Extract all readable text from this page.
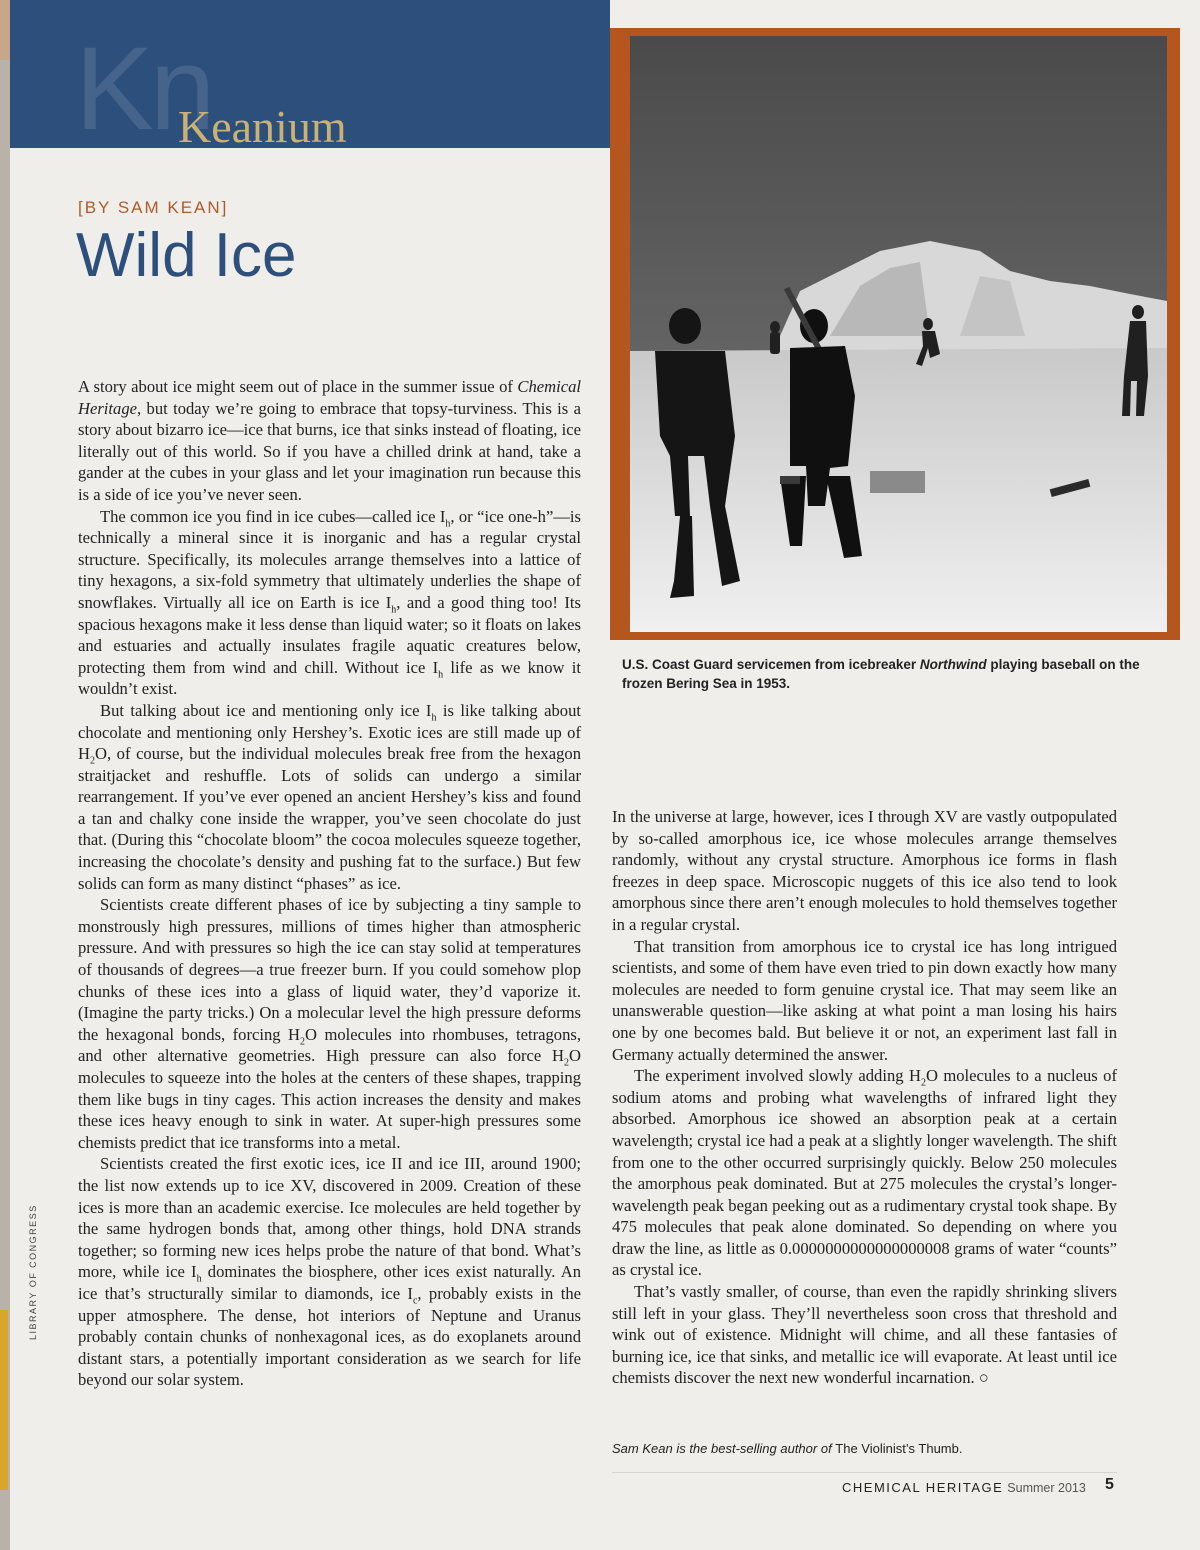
Kn
Keanium
[BY SAM KEAN]
Wild Ice
U.S. Coast Guard servicemen from icebreaker Northwind playing baseball on the frozen Bering Sea in 1953.

A story about ice might seem out of place in the summer issue of Chemical Heritage, but today we’re going to embrace that topsy-turviness. This is a story about bizarro ice—ice that burns, ice that sinks instead of floating, ice literally out of this world. So if you have a chilled drink at hand, take a gander at the cubes in your glass and let your imagination run because this is a side of ice you’ve never seen.

The common ice you find in ice cubes—called ice $I_h$, or “ice one-h”—is technically a mineral since it is inorganic and has a regular crystal structure. Specifically, its molecules arrange themselves into a lattice of tiny hexagons, a six-fold symmetry that ultimately underlies the shape of snowflakes. Virtually all ice on Earth is ice $I_h$, and a good thing too! Its spacious hexagons make it less dense than liquid water; so it floats on lakes and estuaries and actually insulates fragile aquatic creatures below, protecting them from wind and chill. Without ice $I_h$ life as we know it wouldn’t exist.

But talking about ice and mentioning only ice $I_h$ is like talking about chocolate and mentioning only Hershey’s. Exotic ices are still made up of $H_2O$, of course, but the individual molecules break free from the hexagon straitjacket and reshuffle. Lots of solids can undergo a similar rearrangement. If you’ve ever opened an ancient Hershey’s kiss and found a tan and chalky cone inside the wrapper, you’ve seen chocolate do just that. (During this “chocolate bloom” the cocoa molecules squeeze together, increasing the chocolate’s density and pushing fat to the surface.) But few solids can form as many distinct “phases” as ice.

Scientists create different phases of ice by subjecting a tiny sample to monstrously high pressures, millions of times higher than atmospheric pressure. And with pressures so high the ice can stay solid at temperatures of thousands of degrees—a true freezer burn. If you could somehow plop chunks of these ices into a glass of liquid water, they’d vaporize it. (Imagine the party tricks.) On a molecular level the high pressure deforms the hexagonal bonds, forcing $H_2O$ molecules into rhombuses, tetragons, and other alternative geometries. High pressure can also force $H_2O$ molecules to squeeze into the holes at the centers of these shapes, trapping them like bugs in tiny cages. This action increases the density and makes these ices heavy enough to sink in water. At super-high pressures some chemists predict that ice transforms into a metal.

Scientists created the first exotic ices, ice II and ice III, around 1900; the list now extends up to ice XV, discovered in 2009. Creation of these ices is more than an academic exercise. Ice molecules are held together by the same hydrogen bonds that, among other things, hold DNA strands together; so forming new ices helps probe the nature of that bond. What’s more, while ice $I_h$ dominates the biosphere, other ices exist naturally. An ice that’s structurally similar to diamonds, ice $I_c$, probably exists in the upper atmosphere. The dense, hot interiors of Neptune and Uranus probably contain chunks of nonhexagonal ices, as do exoplanets around distant stars, a potentially important consideration as we search for life beyond our solar system.

In the universe at large, however, ices I through XV are vastly outpopulated by so-called amorphous ice, ice whose molecules arrange themselves randomly, without any crystal structure. Amorphous ice forms in flash freezes in deep space. Microscopic nuggets of this ice also tend to look amorphous since there aren’t enough molecules to hold themselves together in a regular crystal.

That transition from amorphous ice to crystal ice has long intrigued scientists, and some of them have even tried to pin down exactly how many molecules are needed to form genuine crystal ice. That may seem like an unanswerable question—like asking at what point a man losing his hairs one by one becomes bald. But believe it or not, an experiment last fall in Germany actually determined the answer.

The experiment involved slowly adding $H_2O$ molecules to a nucleus of sodium atoms and probing what wavelengths of infrared light they absorbed. Amorphous ice showed an absorption peak at a certain wavelength; crystal ice had a peak at a slightly longer wavelength. The shift from one to the other occurred surprisingly quickly. Below 250 molecules the amorphous peak dominated. But at 275 molecules the crystal’s longer-wavelength peak began peeking out as a rudimentary crystal took shape. By 475 molecules that peak alone dominated. So depending on where you draw the line, as little as 0.0000000000000000008 grams of water “counts” as crystal ice.

That’s vastly smaller, of course, than even the rapidly shrinking slivers still left in your glass. They’ll nevertheless soon cross that threshold and wink out of existence. Midnight will chime, and all these fantasies of burning ice, ice that sinks, and metallic ice will evaporate. At least until ice chemists discover the next new wonderful incarnation. ○

Sam Kean is the best-selling author of The Violinist’s Thumb.
LIBRARY OF CONGRESS
CHEMICAL HERITAGE Summer 2013 5
